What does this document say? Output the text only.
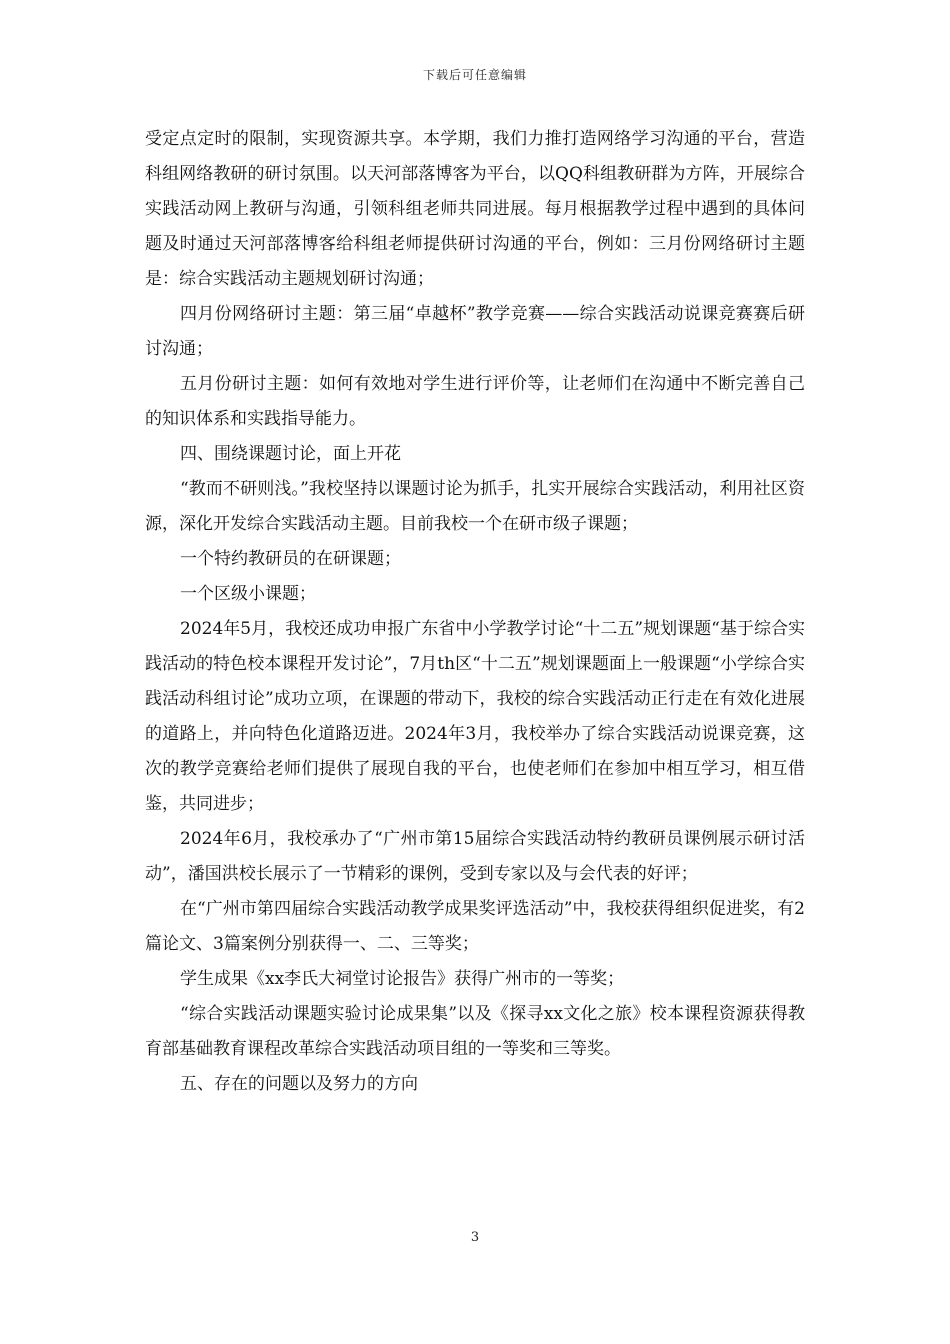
下载后可任意编辑

受定点定时的限制，实现资源共享。本学期，我们力推打造网络学习沟通的平台，营造科组网络教研的研讨氛围。以天河部落博客为平台，以QQ科组教研群为方阵，开展综合实践活动网上教研与沟通，引领科组老师共同进展。每月根据教学过程中遇到的具体问题及时通过天河部落博客给科组老师提供研讨沟通的平台，例如：三月份网络研讨主题是：综合实践活动主题规划研讨沟通；

四月份网络研讨主题：第三届“卓越杯”教学竞赛——综合实践活动说课竞赛赛后研讨沟通；

五月份研讨主题：如何有效地对学生进行评价等，让老师们在沟通中不断完善自己的知识体系和实践指导能力。

四、围绕课题讨论，面上开花

“教而不研则浅。”我校坚持以课题讨论为抓手，扎实开展综合实践活动，利用社区资源，深化开发综合实践活动主题。目前我校一个在研市级子课题；

一个特约教研员的在研课题；

一个区级小课题；

2024年5月，我校还成功申报广东省中小学教学讨论“十二五”规划课题“基于综合实践活动的特色校本课程开发讨论”，7月th区“十二五”规划课题面上一般课题“小学综合实践活动科组讨论”成功立项，在课题的带动下，我校的综合实践活动正行走在有效化进展的道路上，并向特色化道路迈进。2024年3月，我校举办了综合实践活动说课竞赛，这次的教学竞赛给老师们提供了展现自我的平台，也使老师们在参加中相互学习，相互借鉴，共同进步；

2024年6月，我校承办了“广州市第15届综合实践活动特约教研员课例展示研讨活动”，潘国洪校长展示了一节精彩的课例，受到专家以及与会代表的好评；

在“广州市第四届综合实践活动教学成果奖评选活动”中，我校获得组织促进奖，有2篇论文、3篇案例分别获得一、二、三等奖；

学生成果《xx李氏大祠堂讨论报告》获得广州市的一等奖；

“综合实践活动课题实验讨论成果集”以及《探寻xx文化之旅》校本课程资源获得教育部基础教育课程改革综合实践活动项目组的一等奖和三等奖。

五、存在的问题以及努力的方向

3
